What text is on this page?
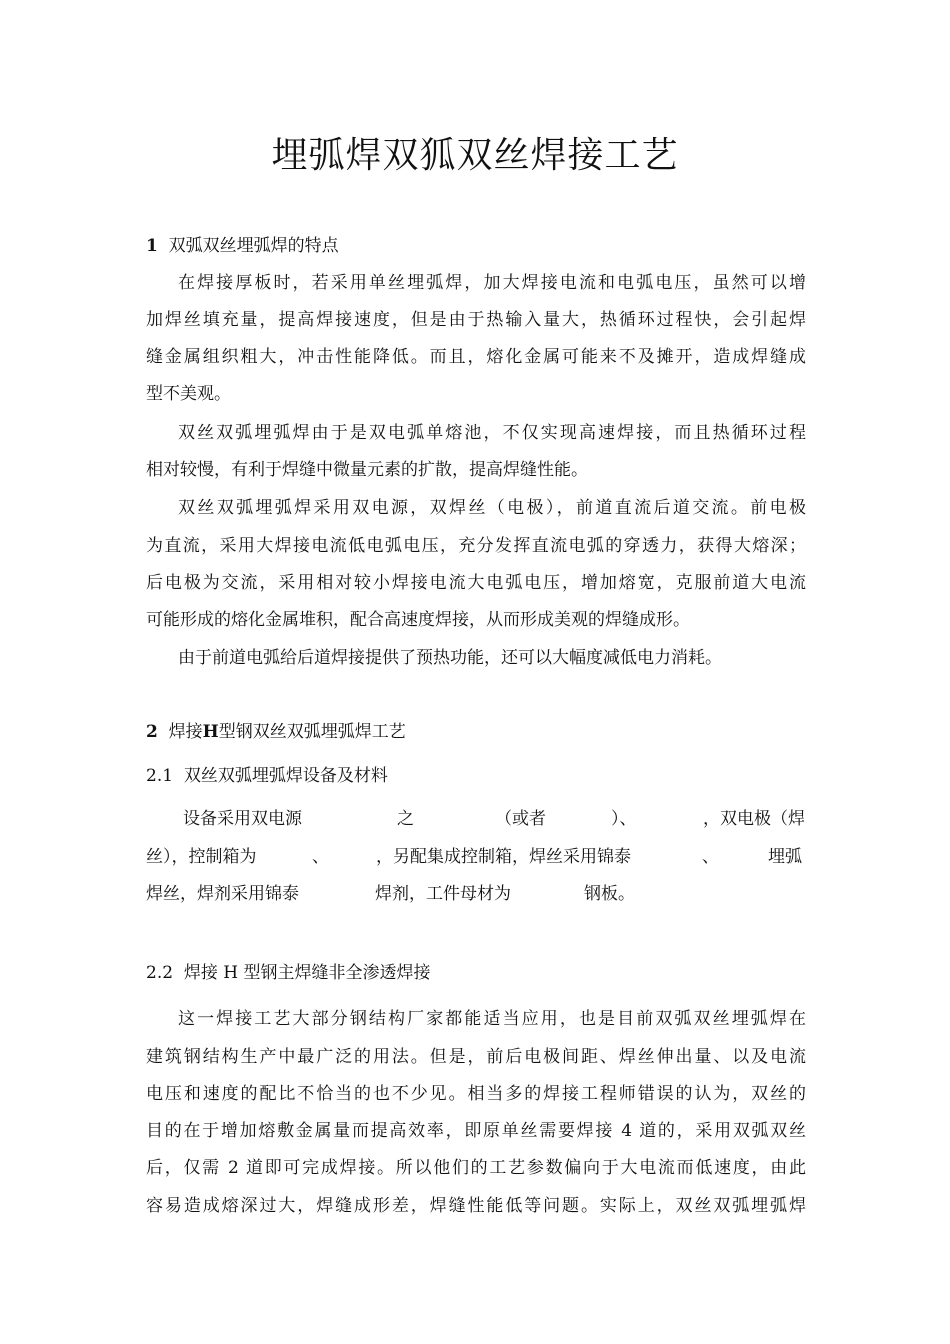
埋弧焊双狐双丝焊接工艺
1 双弧双丝埋弧焊的特点
在焊接厚板时，若采用单丝埋弧焊，加大焊接电流和电弧电压，虽然可以增
加焊丝填充量，提高焊接速度，但是由于热输入量大，热循环过程快，会引起焊
缝金属组织粗大，冲击性能降低。而且，熔化金属可能来不及摊开，造成焊缝成
型不美观。
双丝双弧埋弧焊由于是双电弧单熔池，不仅实现高速焊接，而且热循环过程
相对较慢，有利于焊缝中微量元素的扩散，提高焊缝性能。
双丝双弧埋弧焊采用双电源，双焊丝（电极），前道直流后道交流。前电极
为直流，采用大焊接电流低电弧电压，充分发挥直流电弧的穿透力，获得大熔深；
后电极为交流，采用相对较小焊接电流大电弧电压，增加熔宽，克服前道大电流
可能形成的熔化金属堆积，配合高速度焊接，从而形成美观的焊缝成形。
由于前道电弧给后道焊接提供了预热功能，还可以大幅度减低电力消耗。
2 焊接H型钢双丝双弧埋弧焊工艺
2.1 双丝双弧埋弧焊设备及材料
设备采用双电源	之	（或者	）、	，双电极（焊
丝），控制箱为	、	，另配集成控制箱，焊丝采用锦泰	、	埋弧
焊丝，焊剂采用锦泰	焊剂，工件母材为	钢板。
2.2 焊接 H 型钢主焊缝非全渗透焊接
这一焊接工艺大部分钢结构厂家都能适当应用，也是目前双弧双丝埋弧焊在
建筑钢结构生产中最广泛的用法。但是，前后电极间距、焊丝伸出量、以及电流
电压和速度的配比不恰当的也不少见。相当多的焊接工程师错误的认为，双丝的
目的在于增加熔敷金属量而提高效率，即原单丝需要焊接 4 道的，采用双弧双丝
后，仅需 2 道即可完成焊接。所以他们的工艺参数偏向于大电流而低速度，由此
容易造成熔深过大，焊缝成形差，焊缝性能低等问题。实际上，双丝双弧埋弧焊
